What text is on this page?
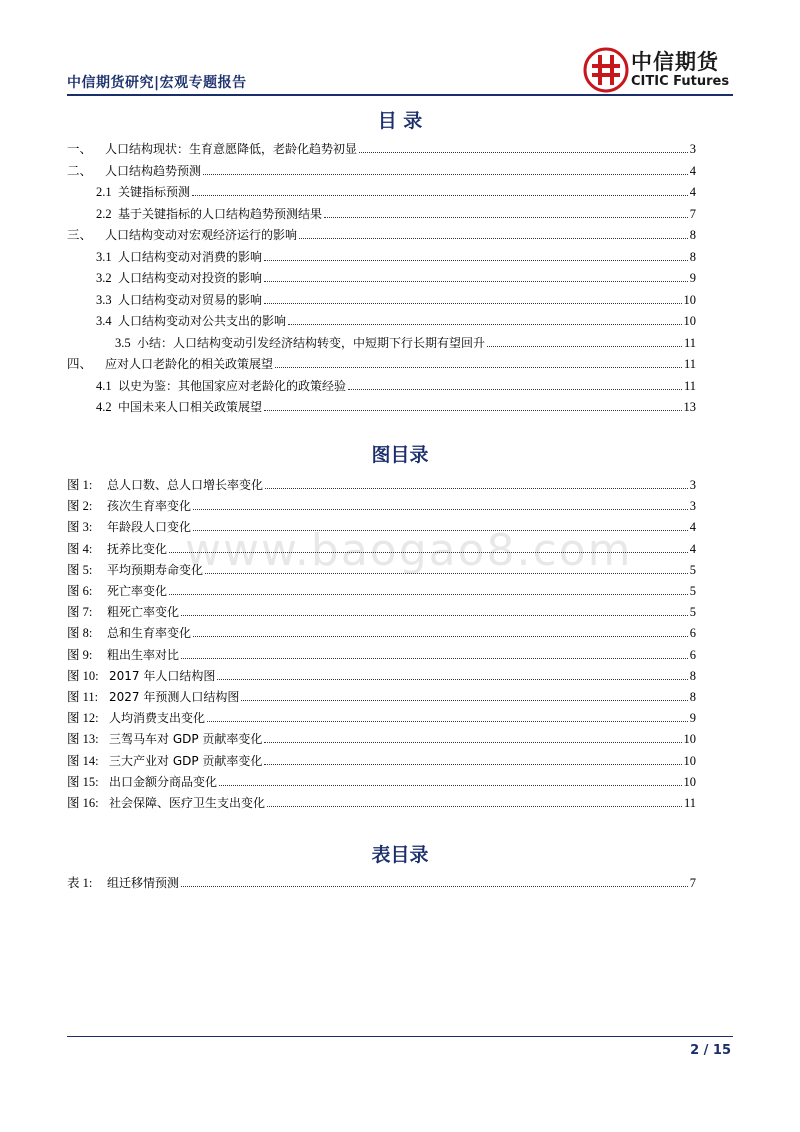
中信期货研究|宏观专题报告
中信期货
CITIC Futures
www.baogao8.com
目 录
一、	人口结构现状：生育意愿降低，老龄化趋势初显	3
二、	人口结构趋势预测	4
2.1 关键指标预测	4
2.2 基于关键指标的人口结构趋势预测结果	7
三、	人口结构变动对宏观经济运行的影响	8
3.1 人口结构变动对消费的影响	8
3.2 人口结构变动对投资的影响	9
3.3 人口结构变动对贸易的影响	10
3.4 人口结构变动对公共支出的影响	10
3.5 小结：人口结构变动引发经济结构转变，中短期下行长期有望回升	11
四、	应对人口老龄化的相关政策展望	11
4.1 以史为鉴：其他国家应对老龄化的政策经验	11
4.2 中国未来人口相关政策展望	13
图目录
图 1:	总人口数、总人口增长率变化	3
图 2:	孩次生育率变化	3
图 3:	年龄段人口变化	4
图 4:	抚养比变化	4
图 5:	平均预期寿命变化	5
图 6:	死亡率变化	5
图 7:	粗死亡率变化	5
图 8:	总和生育率变化	6
图 9:	粗出生率对比	6
图 10: 2017 年人口结构图	8
图 11: 2027 年预测人口结构图	8
图 12: 人均消费支出变化	9
图 13: 三驾马车对 GDP 贡献率变化	10
图 14: 三大产业对 GDP 贡献率变化	10
图 15: 出口金额分商品变化	10
图 16: 社会保障、医疗卫生支出变化	11
表目录
表 1:	组迁移情预测	7
2 / 15
